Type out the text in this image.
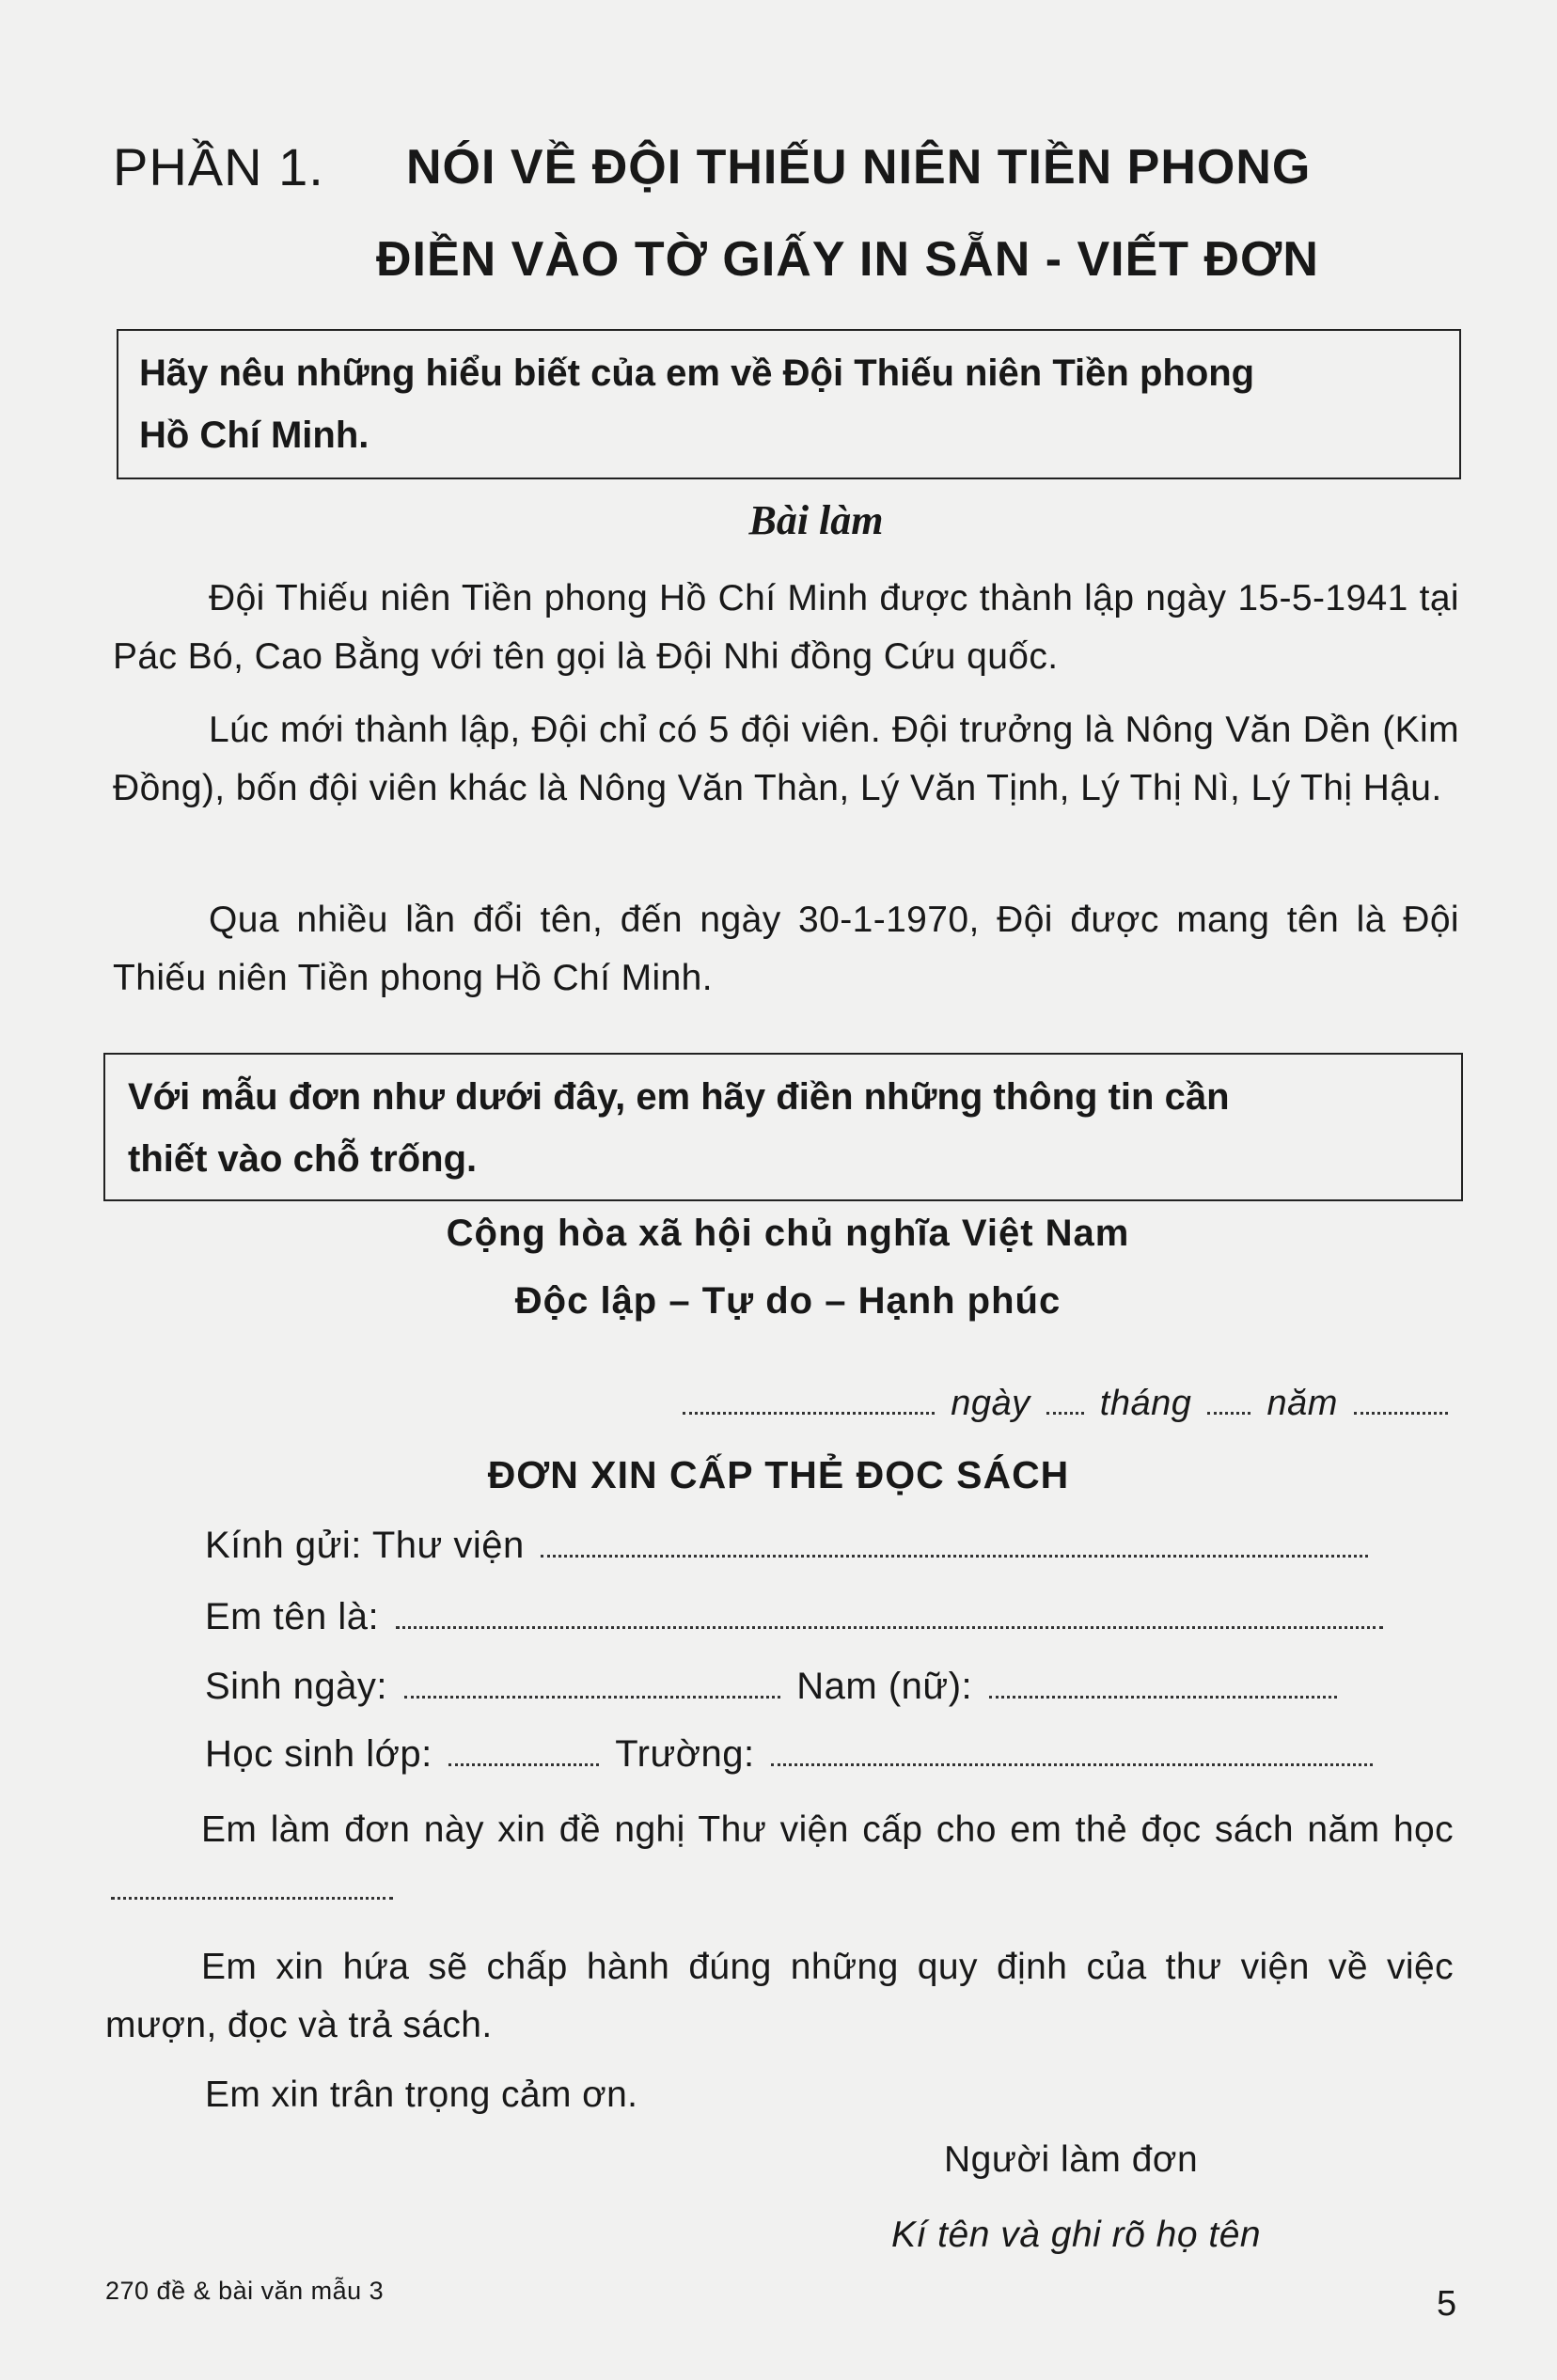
PHẦN 1. NÓI VỀ ĐỘI THIẾU NIÊN TIỀN PHONG
ĐIỀN VÀO TỜ GIẤY IN SẴN - VIẾT ĐƠN
Hãy nêu những hiểu biết của em về Đội Thiếu niên Tiền phong
Hồ Chí Minh.
Bài làm
Đội Thiếu niên Tiền phong Hồ Chí Minh được thành lập ngày 15-5-1941 tại Pác Bó, Cao Bằng với tên gọi là Đội Nhi đồng Cứu quốc.
Lúc mới thành lập, Đội chỉ có 5 đội viên. Đội trưởng là Nông Văn Dền (Kim Đồng), bốn đội viên khác là Nông Văn Thàn, Lý Văn Tịnh, Lý Thị Nì, Lý Thị Hậu.
Qua nhiều lần đổi tên, đến ngày 30-1-1970, Đội được mang tên là Đội Thiếu niên Tiền phong Hồ Chí Minh.
Với mẫu đơn như dưới đây, em hãy điền những thông tin cần
thiết vào chỗ trống.
Cộng hòa xã hội chủ nghĩa Việt Nam
Độc lập – Tự do – Hạnh phúc
ngày tháng năm
ĐƠN XIN CẤP THẺ ĐỌC SÁCH
Kính gửi: Thư viện
Em tên là:
Sinh ngày:	Nam (nữ):
Học sinh lớp:	Trường:
Em làm đơn này xin đề nghị Thư viện cấp cho em thẻ đọc sách năm học
Em xin hứa sẽ chấp hành đúng những quy định của thư viện về việc mượn, đọc và trả sách.
Em xin trân trọng cảm ơn.
Người làm đơn
Kí tên và ghi rõ họ tên
270 đề & bài văn mẫu 3	5
